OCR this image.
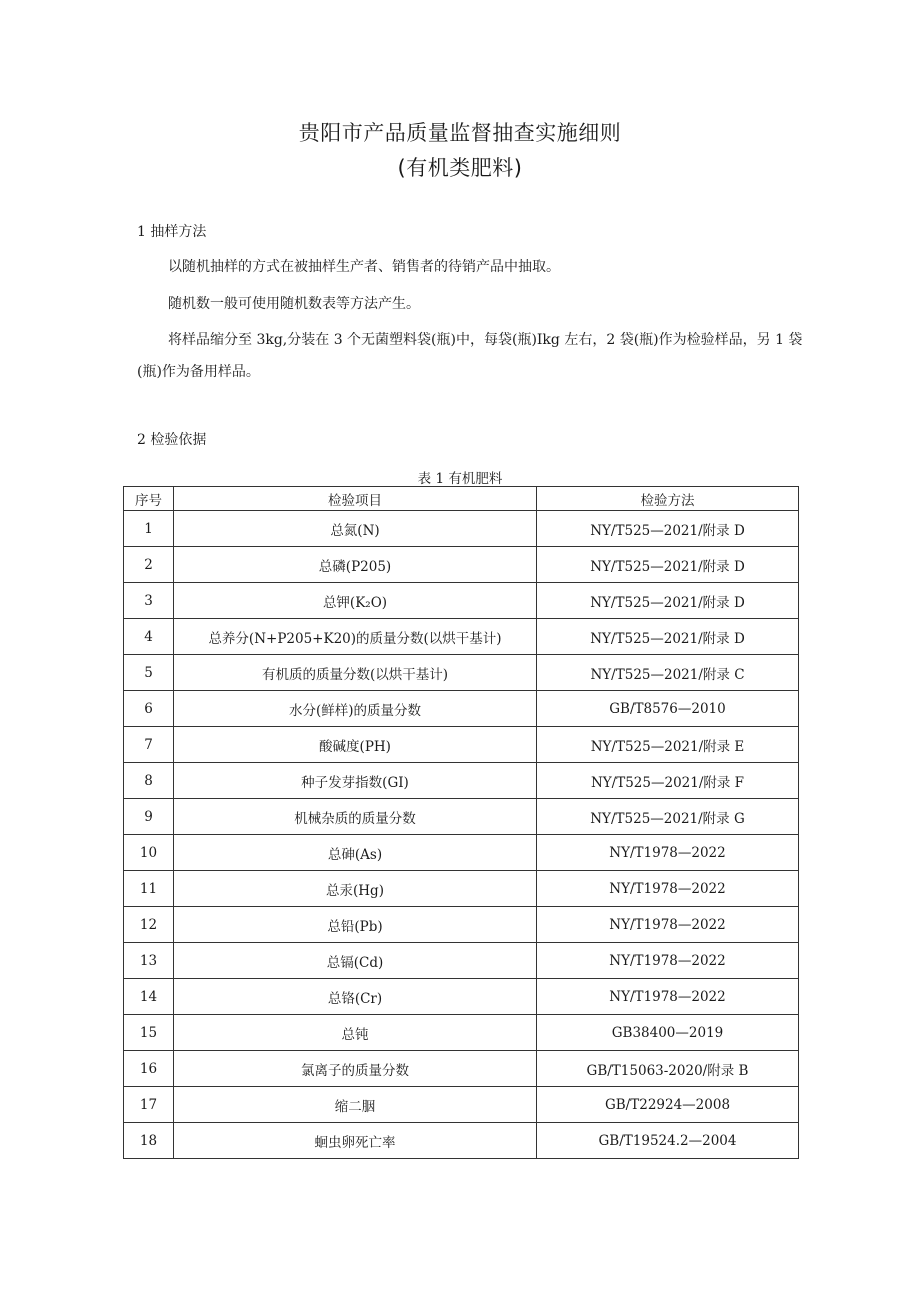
贵阳市产品质量监督抽查实施细则
(有机类肥料)
1 抽样方法

以随机抽样的方式在被抽样生产者、销售者的待销产品中抽取。

随机数一般可使用随机数表等方法产生。

将样品缩分至 3kg,分装在 3 个无菌塑料袋(瓶)中，每袋(瓶)Ikg 左右，2 袋(瓶)作为检验样品，另 1 袋(瓶)作为备用样品。

2 检验依据
表 1 有机肥料
序号	检验项目	检验方法
1	总氮(N)	NY/T525—2021/附录 D
2	总磷(P205)	NY/T525—2021/附录 D
3	总钾(K₂O)	NY/T525—2021/附录 D
4	总养分(N+P205+K20)的质量分数(以烘干基计)	NY/T525—2021/附录 D
5	有机质的质量分数(以烘干基计)	NY/T525—2021/附录 C
6	水分(鲜样)的质量分数	GB/T8576—2010
7	酸碱度(PH)	NY/T525—2021/附录 E
8	种子发芽指数(GI)	NY/T525—2021/附录 F
9	机械杂质的质量分数	NY/T525—2021/附录 G
10	总砷(As)	NY/T1978—2022
11	总汞(Hg)	NY/T1978—2022
12	总铅(Pb)	NY/T1978—2022
13	总镉(Cd)	NY/T1978—2022
14	总铬(Cr)	NY/T1978—2022
15	总钝	GB38400—2019
16	氯离子的质量分数	GB/T15063-2020/附录 B
17	缩二胭	GB/T22924—2008
18	蛔虫卵死亡率	GB/T19524.2—2004
